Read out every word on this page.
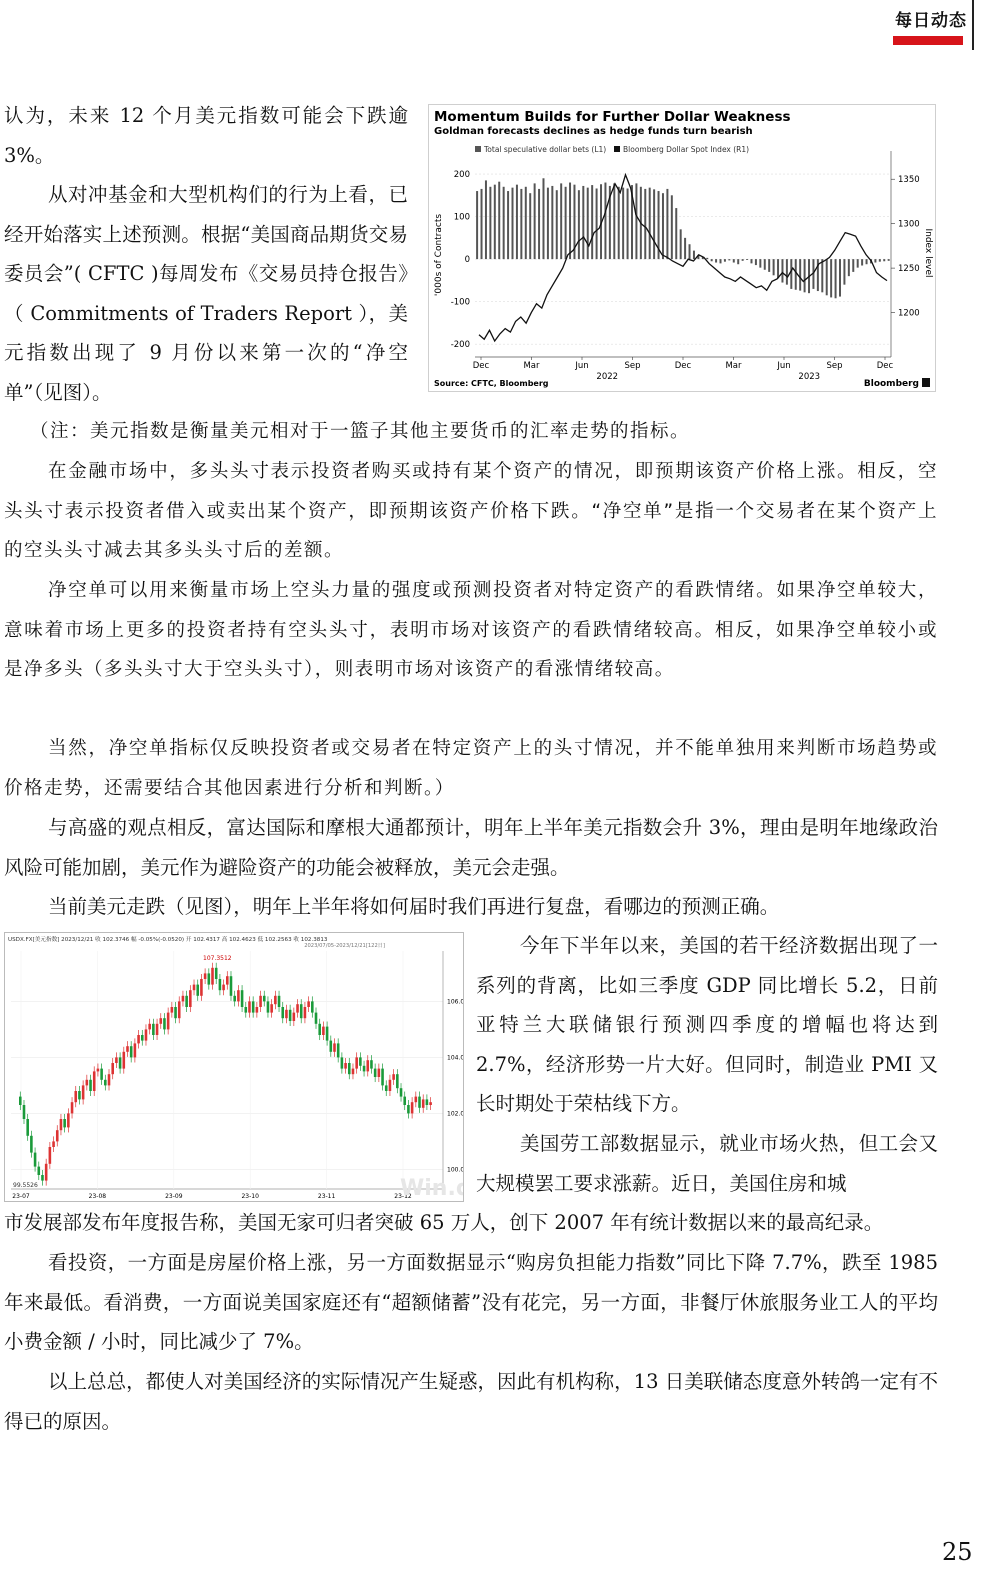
每日动态

认为，未来 12 个月美元指数可能会下跌逾 3%。

从对冲基金和大型机构们的行为上看，已经开始落实上述预测。根据“美国商品期货交易委员会”( CFTC )每周发布《交易员持仓报告》（ Commitments of Traders Report ），美元指数出现了 9 月份以来第一次的“净空单”（见图）。

Momentum Builds for Further Dollar Weakness
Goldman forecasts declines as hedge funds turn bearish
Total speculative dollar bets (L1) Bloomberg Dollar Spot Index (R1)
200
100
0
-100
-200
1350
1300
1250
1200
Dec	Mar	Jun	Sep	Dec	Mar	Jun	Sep	Dec
2022	2023
'000s of Contracts	Index level
Source: CFTC, Bloomberg	Bloomberg

（注：美元指数是衡量美元相对于一篮子其他主要货币的汇率走势的指标。

在金融市场中，多头头寸表示投资者购买或持有某个资产的情况，即预期该资产价格上涨。相反，空头头寸表示投资者借入或卖出某个资产，即预期该资产价格下跌。“净空单”是指一个交易者在某个资产上的空头头寸减去其多头头寸后的差额。

净空单可以用来衡量市场上空头力量的强度或预测投资者对特定资产的看跌情绪。如果净空单较大，意味着市场上更多的投资者持有空头头寸，表明市场对该资产的看跌情绪较高。相反，如果净空单较小或是净多头（多头头寸大于空头头寸），则表明市场对该资产的看涨情绪较高。

当然，净空单指标仅反映投资者或交易者在特定资产上的头寸情况，并不能单独用来判断市场趋势或价格走势，还需要结合其他因素进行分析和判断。）

与高盛的观点相反，富达国际和摩根大通都预计，明年上半年美元指数会升 3%，理由是明年地缘政治风险可能加剧，美元作为避险资产的功能会被释放，美元会走强。

当前美元走跌（见图），明年上半年将如何届时我们再进行复盘，看哪边的预测正确。

USDX.FX[美元指数] 2023/12/21 收 102.3746 幅 -0.05%(-0.0520) 开 102.4317 高 102.4623 低 102.2563 收 102.3813
2023/07/05-2023/12/21[122日]
106.0
104.0
102.0
100.0
23-07	23-08	23-09	23-10	23-11	23-12
107.3512
99.5526	Win.

今年下半年以来，美国的若干经济数据出现了一系列的背离，比如三季度 GDP 同比增长 5.2，日前亚特兰大联储银行预测四季度的增幅也将达到 2.7%，经济形势一片大好。但同时，制造业 PMI 又长时期处于荣枯线下方。

美国劳工部数据显示，就业市场火热，但工会又大规模罢工要求涨薪。近日，美国住房和城

市发展部发布年度报告称，美国无家可归者突破 65 万人，创下 2007 年有统计数据以来的最高纪录。

看投资，一方面是房屋价格上涨，另一方面数据显示“购房负担能力指数”同比下降 7.7%，跌至 1985 年来最低。看消费，一方面说美国家庭还有“超额储蓄”没有花完，另一方面，非餐厅休旅服务业工人的平均小费金额 / 小时，同比减少了 7%。

以上总总，都使人对美国经济的实际情况产生疑惑，因此有机构称，13 日美联储态度意外转鸽一定有不得已的原因。

25
